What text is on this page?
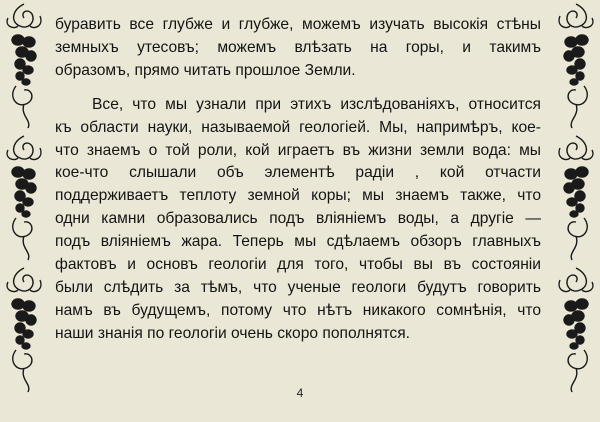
буравить все глубже и глубже, можемъ изучать высокія стѣны
земныхъ утесовъ; можемъ влѣзать на горы, и такимъ
образомъ, прямо читать прошлое Земли.

Все, что мы узнали при этихъ изслѣдованіяхъ, относится
къ области науки, называемой геологіей. Мы, напримѣръ, кое-
что знаемъ о той роли, кой играетъ въ жизни земли вода: мы
кое-что слышали объ элементѣ радіи , кой отчасти
поддерживаетъ теплоту земной коры; мы знаемъ также, что
одни камни образовались подъ вліяніемъ воды, а другіе —
подъ вліяніемъ жара. Теперь мы сдѣлаемъ обзоръ главныхъ
фактовъ и основъ геологіи для того, чтобы вы въ состояніи
были слѣдить за тѣмъ, что ученые геологи будутъ говорить
намъ въ будущемъ, потому что нѣтъ никакого сомнѣнія, что
наши знанія по геологіи очень скоро пополнятся.

4
